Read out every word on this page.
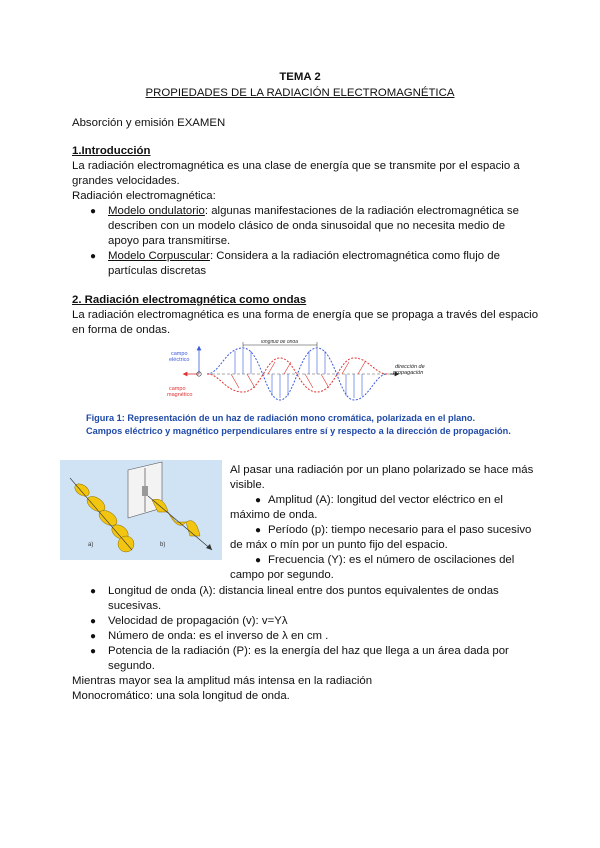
TEMA 2
PROPIEDADES DE LA RADIACIÓN ELECTROMAGNÉTICA
Absorción y emisión EXAMEN
1.Introducción
La radiación electromagnética es una clase de energía que se transmite por el espacio a
grandes velocidades.
Radiación electromagnética:
● Modelo ondulatorio: algunas manifestaciones de la radiación electromagnética se
describen con un modelo clásico de onda sinusoidal que no necesita medio de
apoyo para transmitirse.
● Modelo Corpuscular: Considera a la radiación electromagnética como flujo de
partículas discretas
2. Radiación electromagnética como ondas
La radiación electromagnética es una forma de energía que se propaga a través del espacio
en forma de ondas.
campo
eléctrico
campo
magnético
dirección de
propagación
longitud de onda
Figura 1: Representación de un haz de radiación mono cromática, polarizada en el plano.
Campos eléctrico y magnético perpendiculares entre sí y respecto a la dirección de propagación.
a)	b)
Al pasar una radiación por un plano polarizado se hace más
visible.
● Amplitud (A): longitud del vector eléctrico en el
máximo de onda.
● Período (p): tiempo necesario para el paso sucesivo
de máx o mín por un punto fijo del espacio.
● Frecuencia (Υ): es el número de oscilaciones del
campo por segundo.
● Longitud de onda (λ): distancia lineal entre dos puntos equivalentes de ondas
sucesivas.
● Velocidad de propagación (v): v=Υλ
● Número de onda: es el inverso de λ en cm .
● Potencia de la radiación (P): es la energía del haz que llega a un área dada por
segundo.
Mientras mayor sea la amplitud más intensa en la radiación
Monocromático: una sola longitud de onda.
